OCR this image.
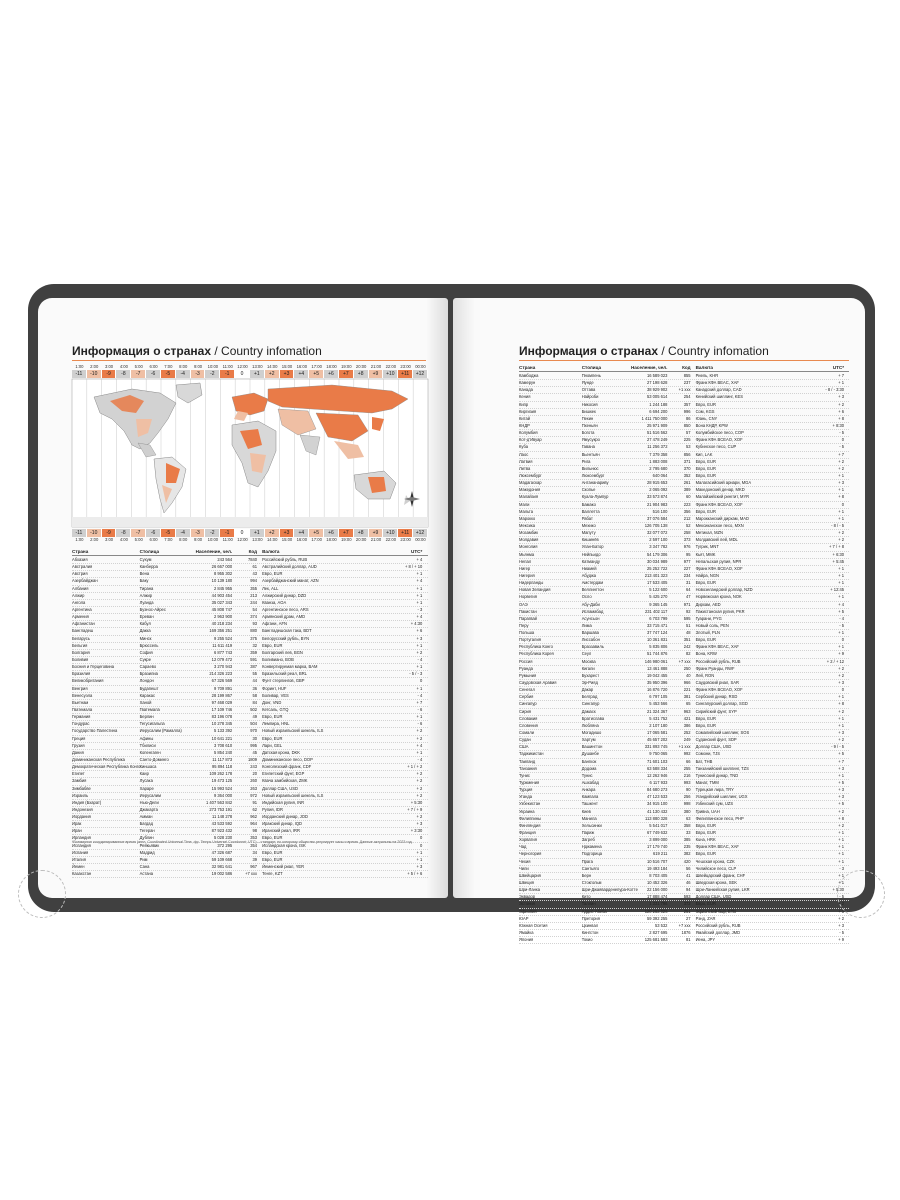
Информация о странах / Country infomation
1:00	2:00	3:00	4:00	5:00	6:00	7:00	8:00	9:00	10:00	11:00	12:00	13:00	14:00	15:00	16:00	17:00	18:00	19:00	20:00	21:00	22:00	23:00	00:00
-11	-10	-9	-8	-7	-6	-5	-4	-3	-2	-1	0	+1	+2	+3	+4	+5	+6	+7	+8	+9	+10	+11	+12
-11	-10	-9	-8	-7	-6	-5	-4	-3	-2	-1	0	+1	+2	+3	+4	+5	+6	+7	+8	+9	+10	+11	+12
1:00	2:00	3:00	4:00	5:00	6:00	7:00	8:00	9:00	10:00	11:00	12:00	13:00	14:00	15:00	16:00	17:00	18:00	19:00	20:00	21:00	22:00	23:00	00:00
Страна	Столица	Население, чел.	Код	Валюта	UTC*
Абхазия	Сухум	243 564	7840	Российский рубль, RUB	+ 4
Австралия	Канберра	26 667 000	61	Австралийский доллар, AUD	+ 8 / + 10
Австрия	Вена	8 955 302	43	Евро, EUR	+ 1
Азербайджан	Баку	10 139 180	994	Азербайджанский манат, AZN	+ 4
Албания	Тирана	2 845 955	355	Лек, ALL	+ 1
Алжир	Алжир	44 903 454	213	Алжирский динар, DZD	+ 1
Ангола	Луанда	35 027 343	244	Кванза, AOA	+ 1
Аргентина	Буэнос-Айрес	45 808 747	54	Аргентинское песо, ARS	- 3
Армения	Ереван	2 963 900	374	Армянский драм, AMD	+ 4
Афганистан	Кабул	40 218 234	93	Афгани, AFN	+ 4:30
Бангладеш	Дакка	169 356 251	880	Бангладешская така, BDT	+ 6
Беларусь	Минск	9 255 524	375	Белорусский рубль, BYN	+ 3
Бельгия	Брюссель	11 611 419	32	Евро, EUR	+ 1
Болгария	София	6 877 743	359	Болгарский лев, BGN	+ 2
Боливия	Сукре	12 079 472	591	Боливиано, BOB	- 4
Босния и Герцеговина	Сараево	3 270 943	387	Конвертируемая марка, BAM	+ 1
Бразилия	Бразилиа	214 326 223	55	Бразильский реал, BRL	- 5 / - 3
Великобритания	Лондон	67 326 569	44	Фунт стерлингов, GBP	0
Венгрия	Будапешт	9 709 891	36	Форинт, HUF	+ 1
Венесуэла	Каракас	28 199 867	58	Боливар, VES	- 4
Вьетнам	Ханой	97 468 029	84	Донг, VND	+ 7
Гватемала	Гватемала	17 109 746	502	Кетсаль, GTQ	- 6
Германия	Берлин	83 196 078	49	Евро, EUR	+ 1
Гондурас	Тегусигальпа	10 278 345	504	Лемпира, HNL	- 6
Государство Палестина	Иерусалим (Рамалла)	5 133 392	970	Новый израильский шекель, ILS	+ 2
Греция	Афины	10 641 221	30	Евро, EUR	+ 2
Грузия	Тбилиси	3 708 610	995	Лари, GEL	+ 4
Дания	Копенгаген	5 854 240	45	Датская крона, DKK	+ 1
Доминиканская Республика	Санто-Доминго	11 117 873	1809	Доминиканское песо, DOP	- 4
Демократическая Республика Конго Киншаса	95 894 118	243	Конголезский франк, CDF	+ 1 / + 2
Египет	Каир	109 262 178	20	Египетский фунт, EGP	+ 2
Замбия	Лусака	19 473 125	260	Квача замбийская, ZMK	+ 2
Зимбабве	Хараре	15 993 524	263	Доллар США, USD	+ 2
Израиль	Иерусалим	9 364 000	972	Новый израильский шекель, ILS	+ 2
Индия (Бхарат)	Нью-Дели	1 407 563 842	91	Индийская рупия, INR	+ 5:30
Индонезия	Джакарта	273 753 191	62	Рупия, IDR	+ 7 / + 9
Иордания	Амман	11 148 278	962	Иорданский динар, JOD	+ 2
Ирак	Багдад	43 533 592	964	Иракский динар, IQD	+ 3
Иран	Тегеран	87 923 432	98	Иранский риал, IRR	+ 3:30
Ирландия	Дублин	5 028 230	353	Евро, EUR	0
Исландия	Рейкьявик	372 295	354	Исландская крона, ISK	0
Испания	Мадрид	47 326 687	34	Евро, EUR	+ 1
Италия	Рим	59 109 668	39	Евро, EUR	+ 1
Йемен	Сана	32 981 641	967	Йеменский риал, YER	+ 3
Казахстан	Астана	19 002 586	+7 xxx	Тенге, KZT	+ 5 / + 6
*Всемирное координированное время (англ. Coordinated Universal Time, фр. Temps Universel Coordonné; UTC) – стандарт, по которому общество регулирует часы и время. Данные актуальны на 2023 год.
Информация о странах / Country infomation
Страна	Столица	Население, чел.	Код	Валюта	UTC*
Камбоджа	Пномпень	16 589 023	855	Риель, KHR	+ 7
Камерун	Яунде	27 198 628	237	Франк КФА BEAC, XAF	+ 1
Канада	Оттава	38 929 902	+1 xxx	Канадский доллар, CAD	- 8 / - 3:30
Кения	Найроби	53 005 614	254	Кенийский шиллинг, KES	+ 3
Кипр	Никосия	1 244 188	357	Евро, EUR	+ 2
Киргизия	Бишкек	6 694 200	996	Сом, KGS	+ 6
Китай	Пекин	1 411 750 000	86	Юань, CNY	+ 8
КНДР	Пхеньян	25 971 909	850	Вона КНДР, KPW	+ 8:30
Колумбия	Богота	51 516 562	57	Колумбийское песо, COP	- 5
Кот-д’Ивуар	Ямусукро	27 478 249	225	Франк КФА BCEAO, XOF	0
Куба	Гавана	11 256 372	53	Кубинское песо, CUP	- 5
Лаос	Вьентьян	7 379 358	856	Кип, LAK	+ 7
Латвия	Рига	1 883 008	371	Евро, EUR	+ 2
Литва	Вильнюс	2 795 680	370	Евро, EUR	+ 2
Люксембург	Люксембург	640 064	352	Евро, EUR	+ 1
Мадагаскар	Антананариву	28 915 653	261	Малагасийский ариари, MGA	+ 3
Македония	Скопье	2 065 092	389	Македонский денар, MKD	+ 1
Малайзия	Куала-Лумпур	33 573 874	60	Малайзийский ринггит, MYR	+ 8
Мали	Бамако	21 904 983	223	Франк КФА BCEAO, XOF	0
Мальта	Валлетта	516 100	356	Евро, EUR	+ 1
Марокко	Рабат	37 076 584	212	Марокканский дирхам, MAD	+ 1
Мексика	Мехико	126 705 138	52	Мексиканское песо, MXN	- 8 / - 5
Мозамбик	Мапуту	32 077 072	258	Метикал, MZN	+ 2
Молдавия	Кишинёв	2 597 100	373	Молдавский лей, MDL	+ 2
Монголия	Улан-Батор	3 347 782	976	Тугрик, MNT	+ 7 / + 8
Мьянма	Нейпьидо	54 179 306	95	Кьят, MMK	+ 6:30
Непал	Катманду	30 034 989	977	Непальская рупия, NPR	+ 5:45
Нигер	Ниамей	25 252 722	227	Франк КФА BCEAO, XOF	+ 1
Нигерия	Абуджа	213 401 323	234	Найра, NGN	+ 1
Нидерланды	Амстердам	17 533 405	31	Евро, EUR	+ 1
Новая Зеландия	Веллингтон	5 122 600	64	Новозеландский доллар, NZD	+ 12:45
Норвегия	Осло	5 425 270	47	Норвежская крона, NOK	+ 1
ОАЭ	Абу-Даби	9 365 145	971	Дирхам, AED	+ 4
Пакистан	Исламабад	231 402 117	92	Пакистанская рупия, PKR	+ 5
Парагвай	Асунсьон	6 703 799	595	Гуарани, PYG	- 4
Перу	Лима	33 715 471	51	Новый соль, PEN	- 5
Польша	Варшава	37 747 124	48	Злотый, PLN	+ 1
Португалия	Лиссабон	10 361 831	351	Евро, EUR	0
Республика Конго	Браззавиль	5 835 806	242	Франк КФА BEAC, XAF	+ 1
Республика Корея	Сеул	51 744 876	82	Вона, KRW	+ 9
Россия	Москва	146 980 061	+7 xxx	Российский рубль, RUB	+ 2 / + 12
Руанда	Кигали	13 461 888	250	Франк Руанды, RWF	+ 2
Румыния	Бухарест	19 042 455	40	Лей, RON	+ 2
Саудовская Аравия	Эр-Рияд	35 950 396	966	Саудовский риал, SAR	+ 3
Сенегал	Дакар	16 876 720	221	Франк КФА BCEAO, XOF	0
Сербия	Белград	6 797 105	381	Сербский динар, RSD	+ 1
Сингапур	Сингапур	5 453 566	65	Сингапурский доллар, SGD	+ 8
Сирия	Дамаск	21 324 367	963	Сирийский фунт, SYP	+ 2
Словакия	Братислава	5 431 752	421	Евро, EUR	+ 1
Словения	Любляна	2 107 180	386	Евро, EUR	+ 1
Сомали	Могадишо	17 065 581	252	Сомалийский шиллинг, SOS	+ 3
Судан	Хартум	45 657 202	249	Суданский фунт, SDP	+ 2
США	Вашингтон	331 893 745	+1 xxx	Доллар США, USD	- 9 / - 5
Таджикистан	Душанбе	9 750 065	992	Сомони, TJS	+ 5
Таиланд	Бангкок	71 601 103	66	Бат, THB	+ 7
Танзания	Додома	63 588 334	255	Танзанийский шиллинг, TZS	+ 3
Тунис	Тунис	12 262 946	216	Тунисский динар, TND	+ 1
Туркмения	Ашхабад	6 117 933	993	Манат, TMM	+ 5
Турция	Анкара	84 680 273	90	Турецкая лира, TRY	+ 3
Уганда	Кампала	47 123 533	256	Угандийский шиллинг, UGX	+ 3
Узбекистан	Ташкент	34 915 100	998	Узбекский сум, UZS	+ 5
Украина	Киев	41 130 432	380	Гривна, UAH	+ 2
Филиппины	Манила	113 880 328	63	Филиппинское песо, PHP	+ 8
Финляндия	Хельсинки	5 541 017	358	Евро, EUR	+ 2
Франция	Париж	67 749 632	33	Евро, EUR	+ 1
Хорватия	Загреб	3 899 000	385	Кuна, HRK	+ 1
Чад	Нджамена	17 179 740	235	Франк КФА BEAC, XAF	+ 1
Черногория	Подгорица	619 211	382	Евро, EUR	+ 1
Чехия	Прага	10 516 707	420	Чешская крона, CZK	+ 1
Чили	Сантьяго	19 493 184	56	Чилийское песо, CLP	- 3
Швейцария	Берн	8 703 405	41	Швейцарский франк, CHF	+ 1
Швеция	Стокгольм	10 452 326	46	Шведская крона, SEK	+ 1
Шри-Ланка	Шри-Джаяварденепура-Котте	22 156 000	94	Шри-Ланкийская рупия, LKR	+ 5:30
Эквадор	Кито	17 888 474	593	Доллар США, USD	- 5
Эстония	Таллин	1 331 796	372	Евро, EUR	+ 2
Эфиопия	Аддис-Абеба	120 283 026	251	Эфиопский быр, ETB	+ 3
ЮАР	Претория	59 392 255	27	Рэнд, ZAR	+ 2
Южная Осетия	Цхинвал	53 532	+7 xxx	Российский рубль, RUB	+ 3
Ямайка	Кингстон	2 827 695	1876	Ямайский доллар, JMD	- 5
Япония	Токио	125 681 593	81	Иена, JPY	+ 9
